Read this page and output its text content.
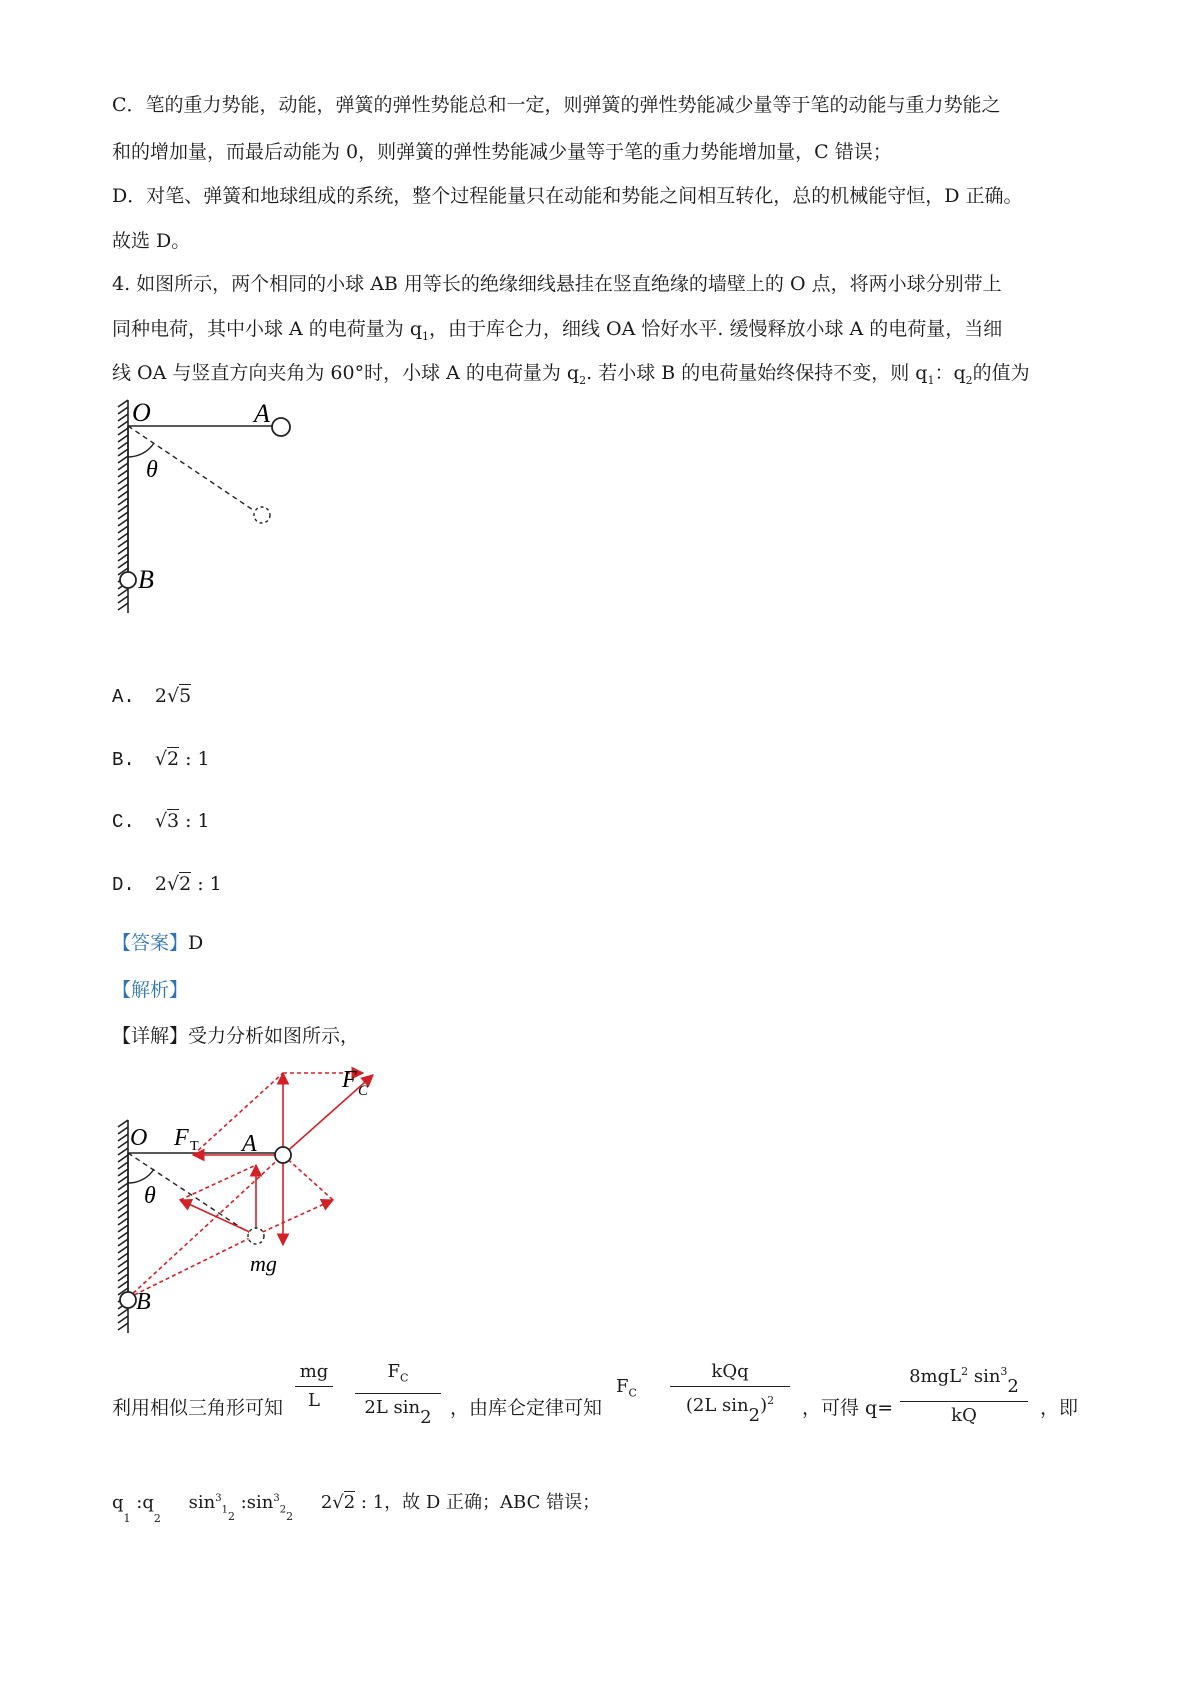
C．笔的重力势能，动能，弹簧的弹性势能总和一定，则弹簧的弹性势能减少量等于笔的动能与重力势能之
和的增加量，而最后动能为 0，则弹簧的弹性势能减少量等于笔的重力势能增加量，C 错误；
D．对笔、弹簧和地球组成的系统，整个过程能量只在动能和势能之间相互转化，总的机械能守恒，D 正确。
故选 D。
4. 如图所示，两个相同的小球 AB 用等长的绝缘细线悬挂在竖直绝缘的墙壁上的 O 点，将两小球分别带上
同种电荷，其中小球 A 的电荷量为 $q_1$，由于库仑力，细线 OA 恰好水平. 缓慢释放小球 A 的电荷量，当细
线 OA 与竖直方向夹角为 60°时，小球 A 的电荷量为 $q_2$. 若小球 B 的电荷量始终保持不变，则 $q_1$：$q_2$的值为
O	A
B
θ
A. 2√5
B. √2 : 1
C. √3 : 1
D. 2√2 : 1
【答案】D
【解析】
【详解】受力分析如图所示，
O F T A
F C
θ
mg
B
利用相似三角形可知
mg
L
$F_C$
2L $\sin_2$ ，由库仑定律可知
$F_C$
kQq
(2L $\sin_2)^2$	，可得 q=
8mgL$^2$ $\sin^3_2$
kQ	，即
$q_1$ $:q_2$ $\sin^3_{12}$ $:\sin^3_{22}$ 2√2 : 1，故 D 正确；ABC 错误；
